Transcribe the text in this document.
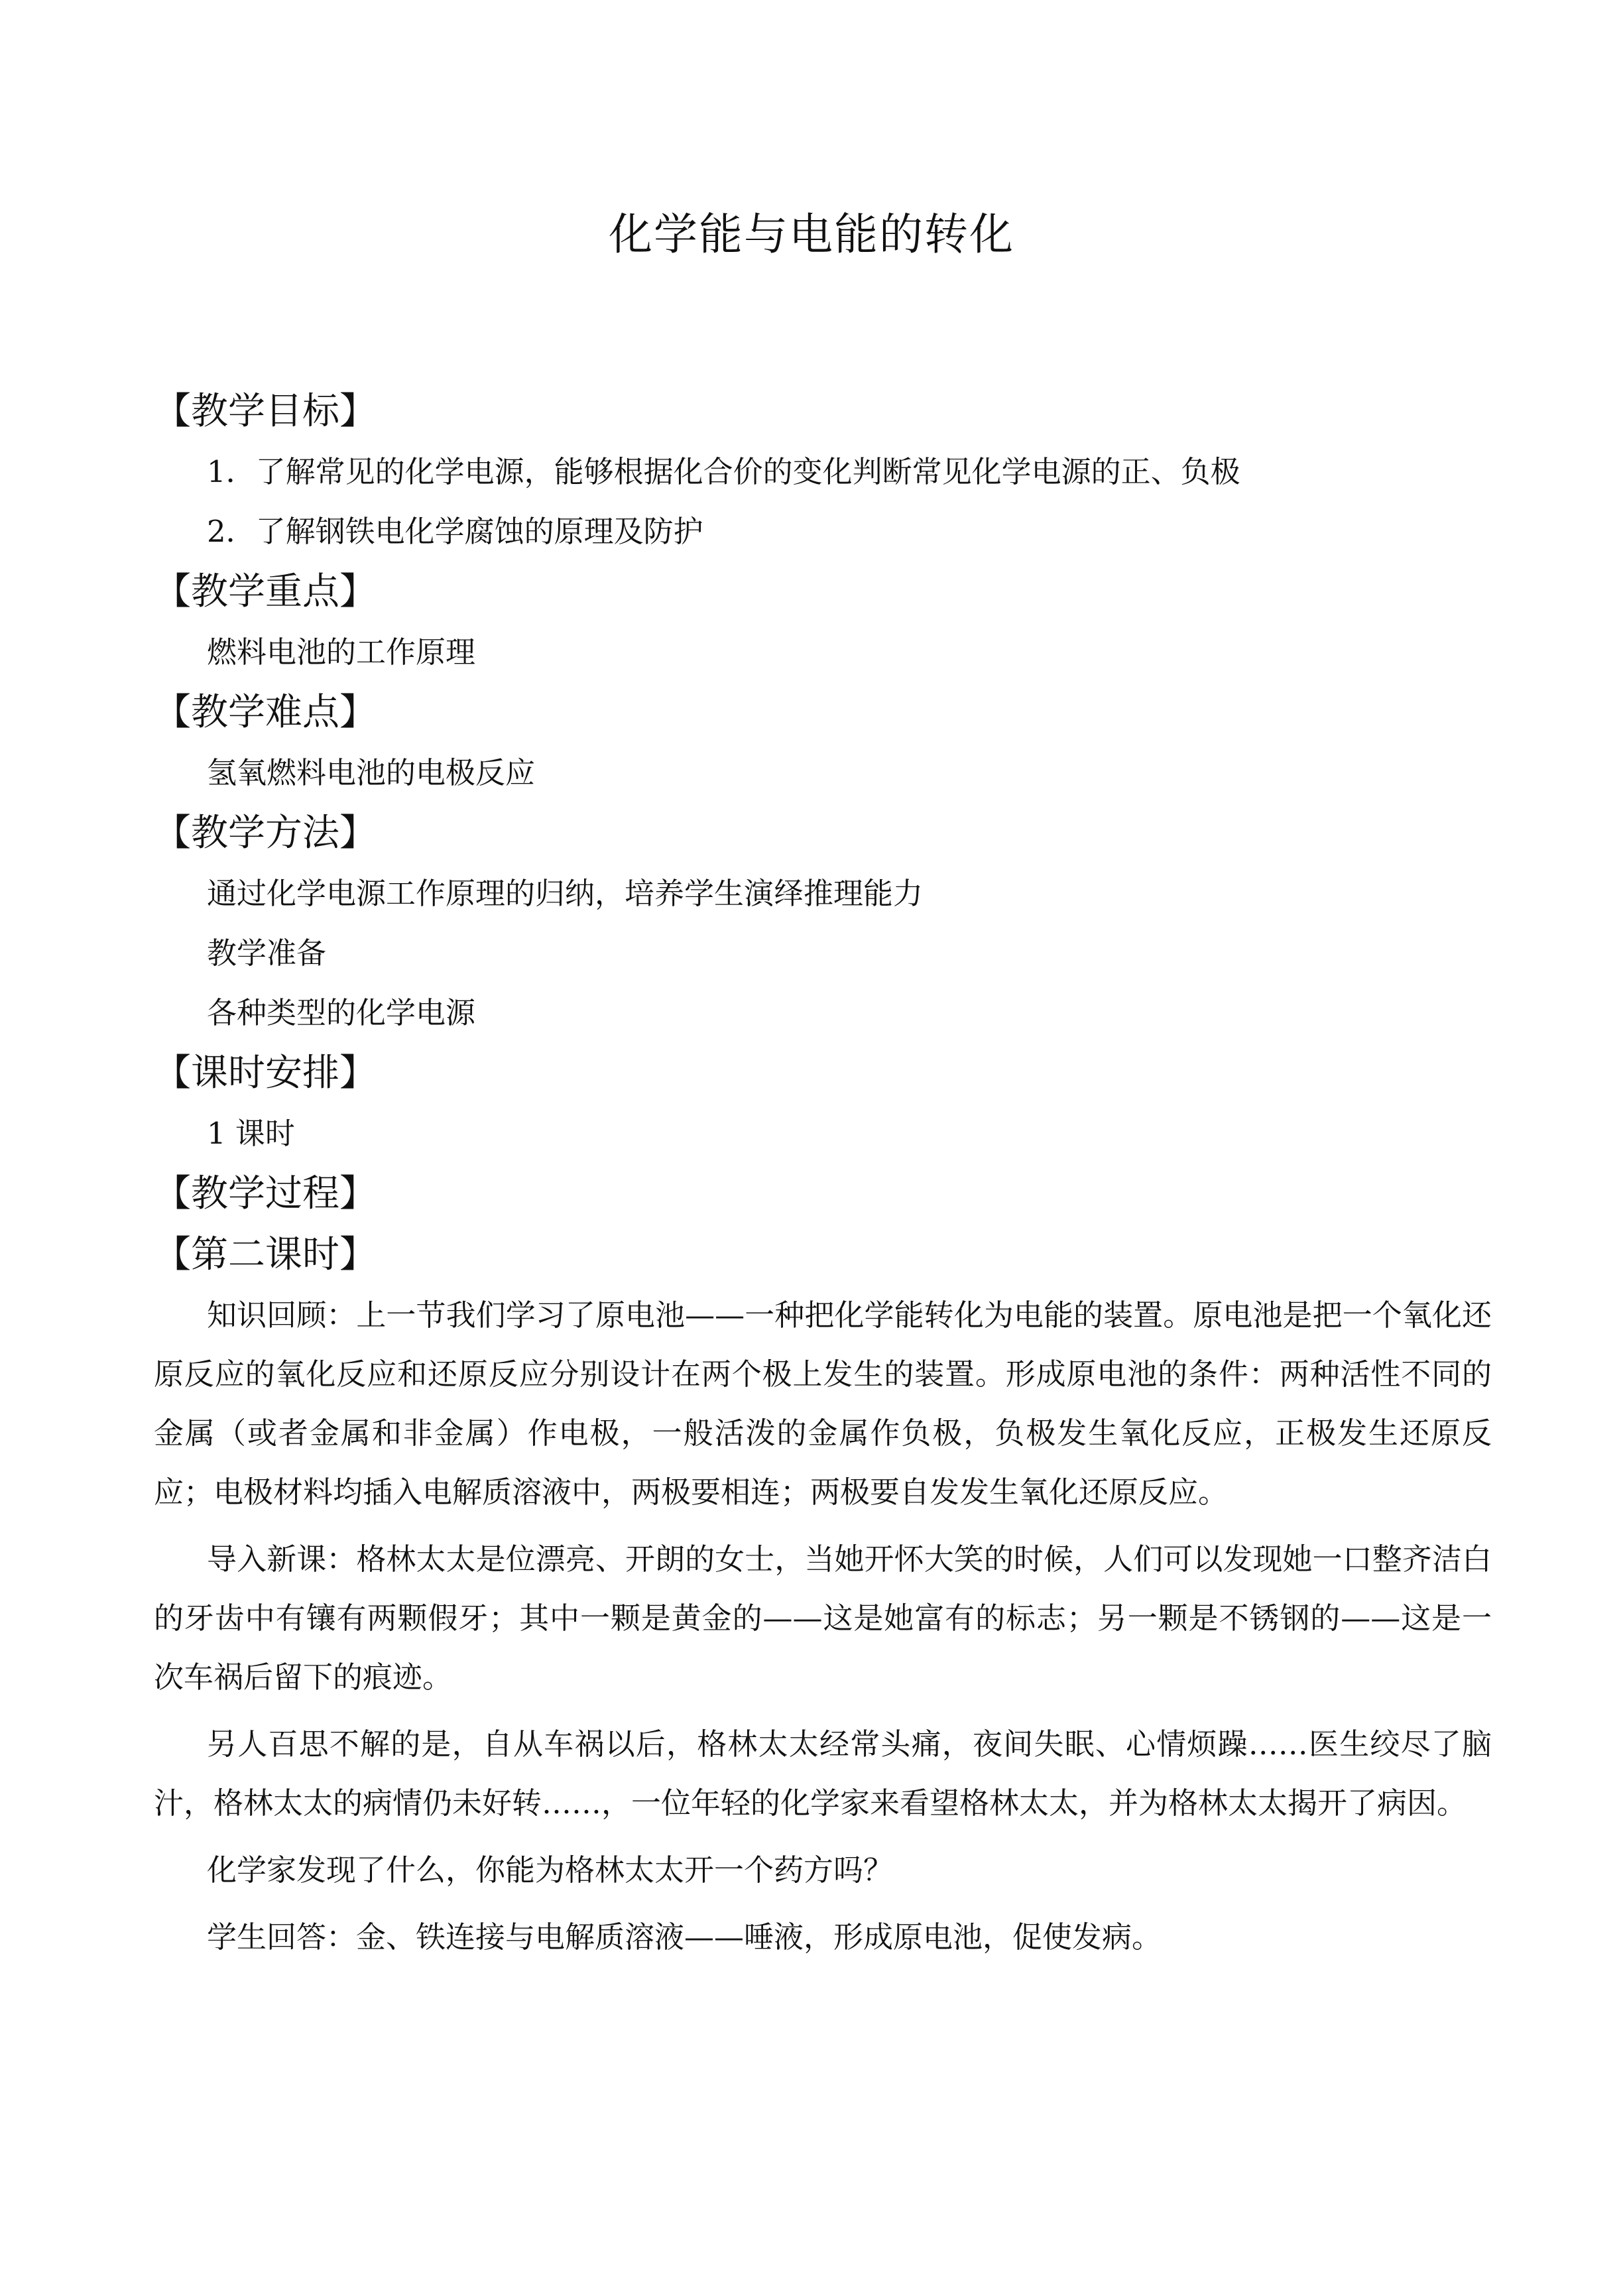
化学能与电能的转化
【教学目标】

1．了解常见的化学电源，能够根据化合价的变化判断常见化学电源的正、负极

2．了解钢铁电化学腐蚀的原理及防护

【教学重点】

燃料电池的工作原理

【教学难点】

氢氧燃料电池的电极反应

【教学方法】

通过化学电源工作原理的归纳，培养学生演绎推理能力

教学准备

各种类型的化学电源

【课时安排】

1 课时

【教学过程】
【第二课时】

知识回顾：上一节我们学习了原电池——一种把化学能转化为电能的装置。原电池是把一个氧化还原反应的氧化反应和还原反应分别设计在两个极上发生的装置。形成原电池的条件：两种活性不同的金属（或者金属和非金属）作电极，一般活泼的金属作负极，负极发生氧化反应，正极发生还原反应；电极材料均插入电解质溶液中，两极要相连；两极要自发发生氧化还原反应。

导入新课：格林太太是位漂亮、开朗的女士，当她开怀大笑的时候，人们可以发现她一口整齐洁白的牙齿中有镶有两颗假牙；其中一颗是黄金的——这是她富有的标志；另一颗是不锈钢的——这是一次车祸后留下的痕迹。

另人百思不解的是，自从车祸以后，格林太太经常头痛，夜间失眠、心情烦躁……医生绞尽了脑汁，格林太太的病情仍未好转……，一位年轻的化学家来看望格林太太，并为格林太太揭开了病因。

化学家发现了什么，你能为格林太太开一个药方吗？

学生回答：金、铁连接与电解质溶液——唾液，形成原电池，促使发病。
